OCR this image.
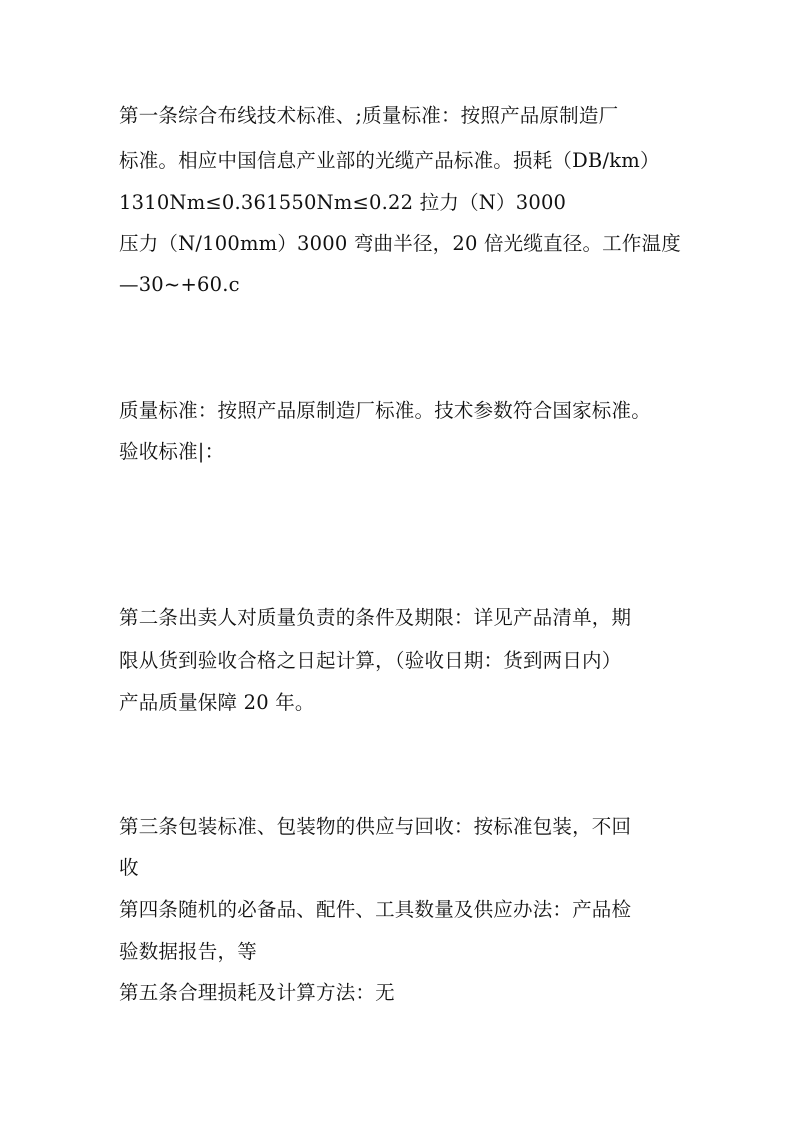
第一条综合布线技术标准、;质量标准：按照产品原制造厂
标准。相应中国信息产业部的光缆产品标准。损耗（DB/km）
1310Nm≤0.361550Nm≤0.22 拉力（N）3000
压力（N/100mm）3000 弯曲半径，20 倍光缆直径。工作温度
—30~+60.c
质量标准：按照产品原制造厂标准。技术参数符合国家标准。
验收标准|：
第二条出卖人对质量负责的条件及期限：详见产品清单，期
限从货到验收合格之日起计算，（验收日期：货到两日内）
产品质量保障 20 年。
第三条包装标准、包装物的供应与回收：按标准包装，不回
收
第四条随机的必备品、配件、工具数量及供应办法：产品检
验数据报告，等
第五条合理损耗及计算方法：无
